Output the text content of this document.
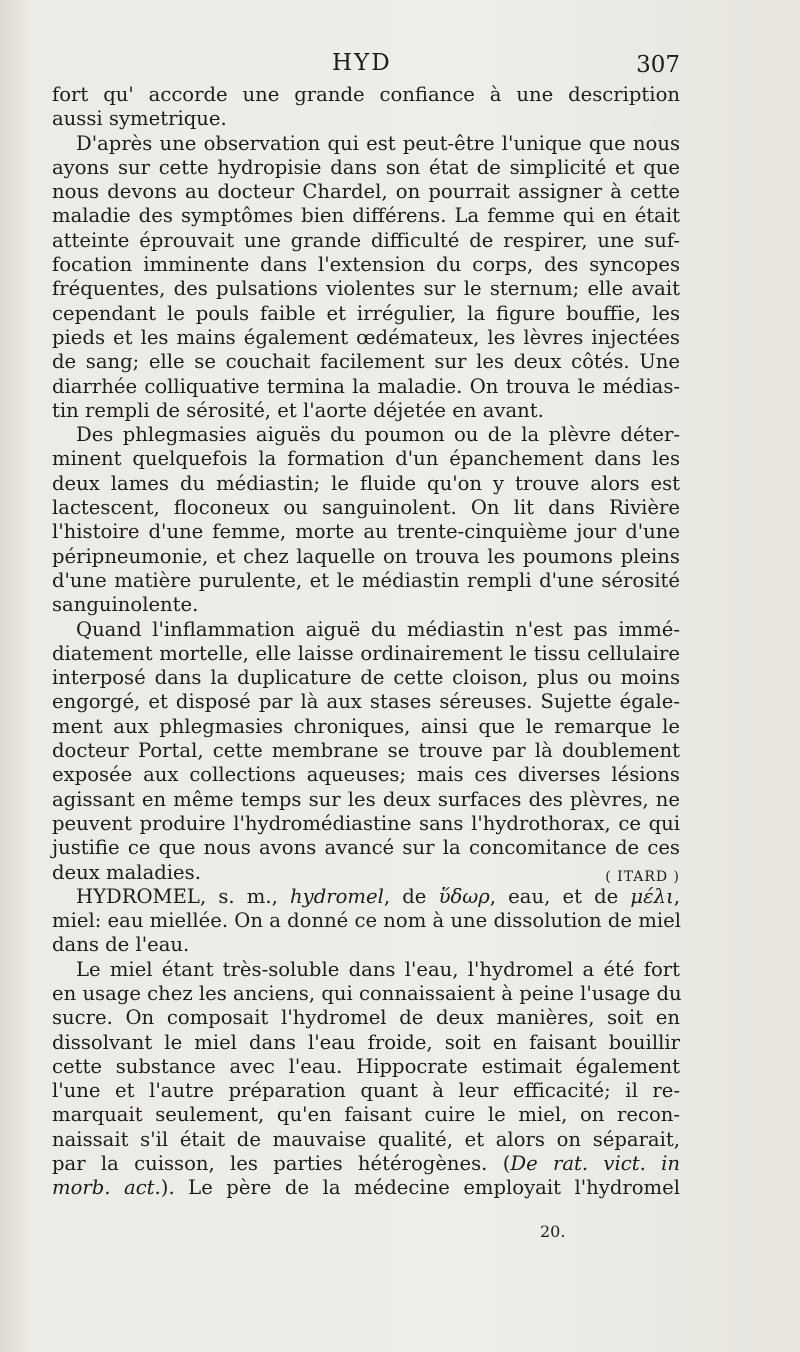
HYD	307
fort qu' accorde une grande confiance à une description
aussi symetrique.
D'après une observation qui est peut-être l'unique que nous
ayons sur cette hydropisie dans son état de simplicité et que
nous devons au docteur Chardel, on pourrait assigner à cette
maladie des symptômes bien différens. La femme qui en était
atteinte éprouvait une grande difficulté de respirer, une suf-
focation imminente dans l'extension du corps, des syncopes
fréquentes, des pulsations violentes sur le sternum; elle avait
cependant le pouls faible et irrégulier, la figure bouffie, les
pieds et les mains également œdémateux, les lèvres injectées
de sang; elle se couchait facilement sur les deux côtés. Une
diarrhée colliquative termina la maladie. On trouva le médias-
tin rempli de sérosité, et l'aorte déjetée en avant.
Des phlegmasies aiguës du poumon ou de la plèvre déter-
minent quelquefois la formation d'un épanchement dans les
deux lames du médiastin; le fluide qu'on y trouve alors est
lactescent, floconeux ou sanguinolent. On lit dans Rivière
l'histoire d'une femme, morte au trente-cinquième jour d'une
péripneumonie, et chez laquelle on trouva les poumons pleins
d'une matière purulente, et le médiastin rempli d'une sérosité
sanguinolente.
Quand l'inflammation aiguë du médiastin n'est pas immé-
diatement mortelle, elle laisse ordinairement le tissu cellulaire
interposé dans la duplicature de cette cloison, plus ou moins
engorgé, et disposé par là aux stases séreuses. Sujette égale-
ment aux phlegmasies chroniques, ainsi que le remarque le
docteur Portal, cette membrane se trouve par là doublement
exposée aux collections aqueuses; mais ces diverses lésions
agissant en même temps sur les deux surfaces des plèvres, ne
peuvent produire l'hydromédiastine sans l'hydrothorax, ce qui
justifie ce que nous avons avancé sur la concomitance de ces
deux maladies.	( ITARD )
HYDROMEL, s. m., hydromel, de ὕδωρ, eau, et de μέλι,
miel: eau miellée. On a donné ce nom à une dissolution de miel
dans de l'eau.
Le miel étant très-soluble dans l'eau, l'hydromel a été fort
en usage chez les anciens, qui connaissaient à peine l'usage du
sucre. On composait l'hydromel de deux manières, soit en
dissolvant le miel dans l'eau froide, soit en faisant bouillir
cette substance avec l'eau. Hippocrate estimait également
l'une et l'autre préparation quant à leur efficacité; il re-
marquait seulement, qu'en faisant cuire le miel, on recon-
naissait s'il était de mauvaise qualité, et alors on séparait,
par la cuisson, les parties hétérogènes. (De rat. vict. in
morb. act.). Le père de la médecine employait l'hydromel
20.
